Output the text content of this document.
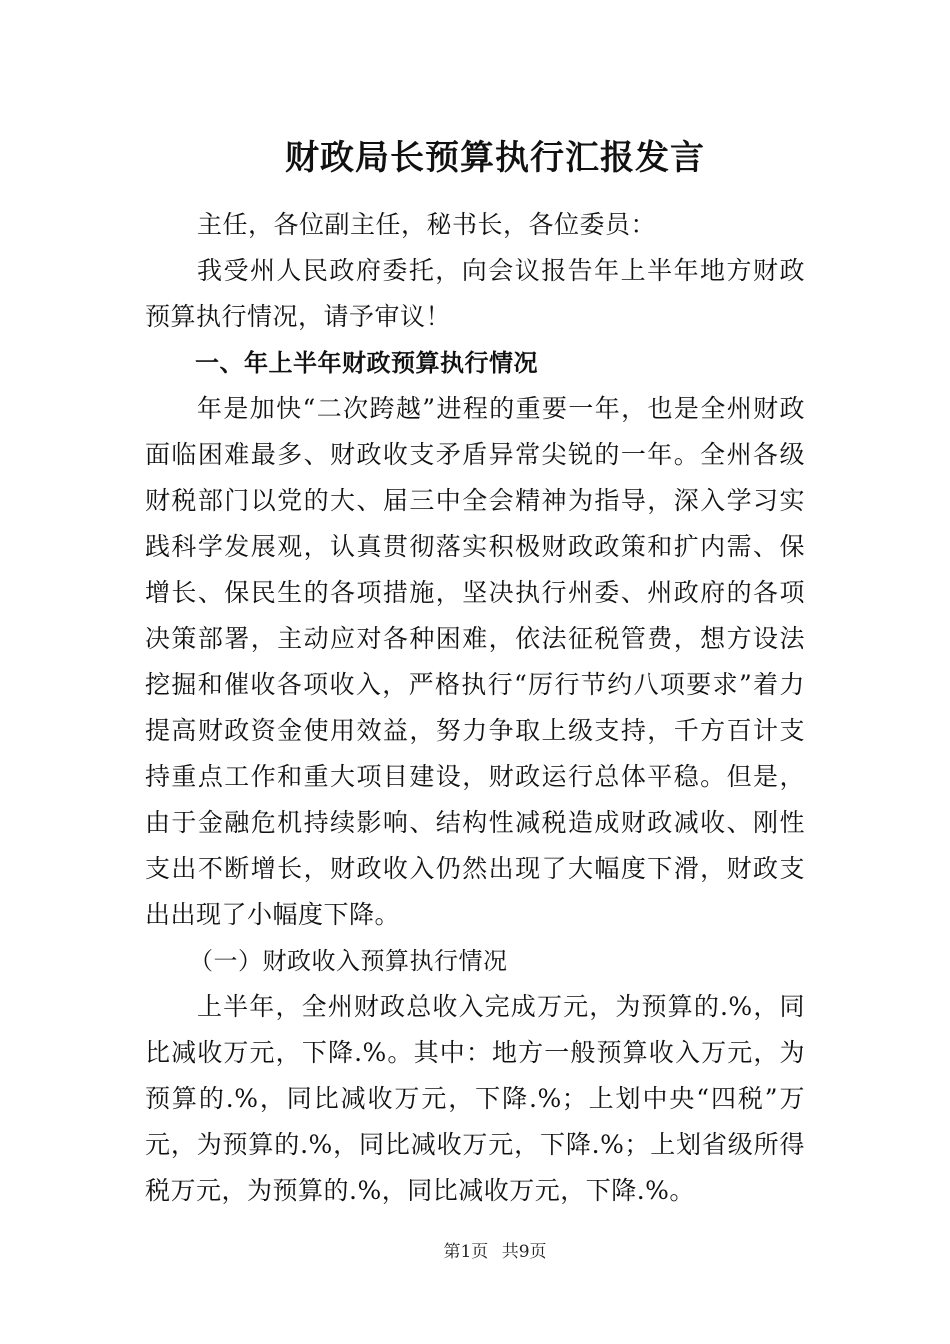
财政局长预算执行汇报发言

主任，各位副主任，秘书长，各位委员：

我受州人民政府委托，向会议报告年上半年地方财政预算执行情况，请予审议！

一、年上半年财政预算执行情况

年是加快“二次跨越”进程的重要一年，也是全州财政面临困难最多、财政收支矛盾异常尖锐的一年。全州各级财税部门以党的大、届三中全会精神为指导，深入学习实践科学发展观，认真贯彻落实积极财政政策和扩内需、保增长、保民生的各项措施，坚决执行州委、州政府的各项决策部署，主动应对各种困难，依法征税管费，想方设法挖掘和催收各项收入，严格执行“厉行节约八项要求”着力提高财政资金使用效益，努力争取上级支持，千方百计支持重点工作和重大项目建设，财政运行总体平稳。但是，由于金融危机持续影响、结构性减税造成财政减收、刚性支出不断增长，财政收入仍然出现了大幅度下滑，财政支出出现了小幅度下降。

（一）财政收入预算执行情况

上半年，全州财政总收入完成万元，为预算的.%，同比减收万元，下降.%。其中：地方一般预算收入万元，为预算的.%，同比减收万元，下降.%；上划中央“四税”万元，为预算的.%，同比减收万元，下降.%；上划省级所得税万元，为预算的.%，同比减收万元，下降.%。

第1页 共9页
